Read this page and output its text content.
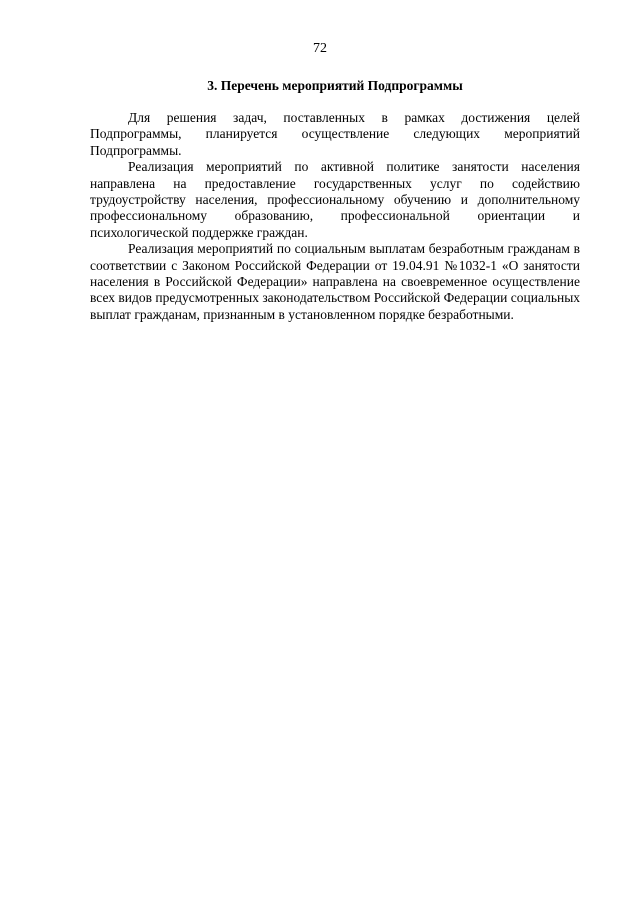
72
3. Перечень мероприятий Подпрограммы

Для решения задач, поставленных в рамках достижения целей Подпрограммы, планируется осуществление следующих мероприятий Подпрограммы.

Реализация мероприятий по активной политике занятости населения направлена на предоставление государственных услуг по содействию трудоустройству населения, профессиональному обучению и дополнительному профессиональному образованию, профессиональной ориентации и психологической поддержке граждан.

Реализация мероприятий по социальным выплатам безработным гражданам в соответствии с Законом Российской Федерации от 19.04.91 №1032-1 «О занятости населения в Российской Федерации» направлена на своевременное осуществление всех видов предусмотренных законодательством Российской Федерации социальных выплат гражданам, признанным в установленном порядке безработными.
